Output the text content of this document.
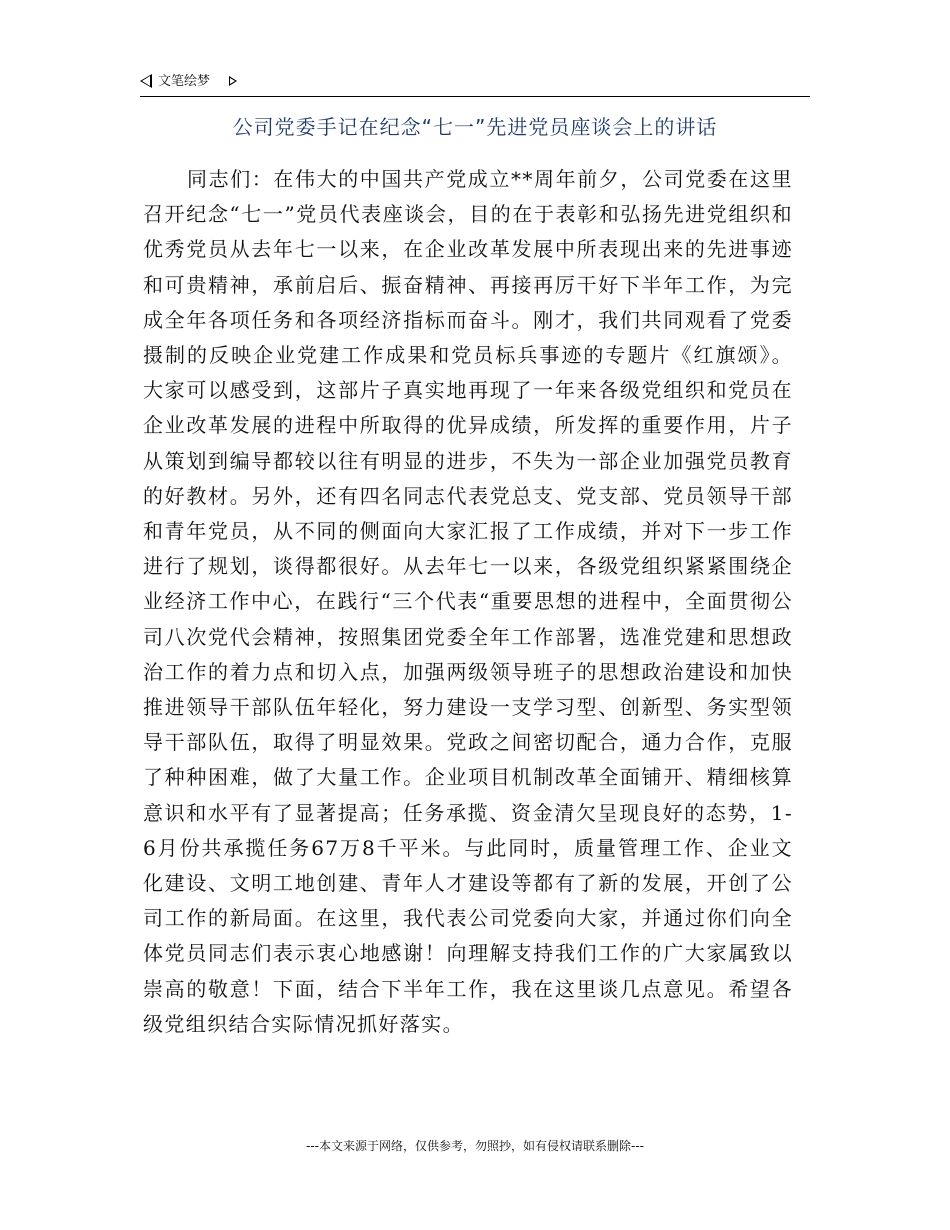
文笔绘梦
公司党委手记在纪念“七一”先进党员座谈会上的讲话

同志们：在伟大的中国共产党成立**周年前夕，公司党委在这里召开纪念“七一”党员代表座谈会，目的在于表彰和弘扬先进党组织和优秀党员从去年七一以来，在企业改革发展中所表现出来的先进事迹和可贵精神，承前启后、振奋精神、再接再厉干好下半年工作，为完成全年各项任务和各项经济指标而奋斗。刚才，我们共同观看了党委摄制的反映企业党建工作成果和党员标兵事迹的专题片《红旗颂》。大家可以感受到，这部片子真实地再现了一年来各级党组织和党员在企业改革发展的进程中所取得的优异成绩，所发挥的重要作用，片子从策划到编导都较以往有明显的进步，不失为一部企业加强党员教育的好教材。另外，还有四名同志代表党总支、党支部、党员领导干部和青年党员，从不同的侧面向大家汇报了工作成绩，并对下一步工作进行了规划，谈得都很好。从去年七一以来，各级党组织紧紧围绕企业经济工作中心，在践行“三个代表“重要思想的进程中，全面贯彻公司八次党代会精神，按照集团党委全年工作部署，选准党建和思想政治工作的着力点和切入点，加强两级领导班子的思想政治建设和加快推进领导干部队伍年轻化，努力建设一支学习型、创新型、务实型领导干部队伍，取得了明显效果。党政之间密切配合，通力合作，克服了种种困难，做了大量工作。企业项目机制改革全面铺开、精细核算意识和水平有了显著提高；任务承揽、资金清欠呈现良好的态势，1-6月份共承揽任务67万8千平米。与此同时，质量管理工作、企业文化建设、文明工地创建、青年人才建设等都有了新的发展，开创了公司工作的新局面。在这里，我代表公司党委向大家，并通过你们向全体党员同志们表示衷心地感谢！向理解支持我们工作的广大家属致以崇高的敬意！下面，结合下半年工作，我在这里谈几点意见。希望各级党组织结合实际情况抓好落实。

---本文来源于网络，仅供参考，勿照抄，如有侵权请联系删除---
